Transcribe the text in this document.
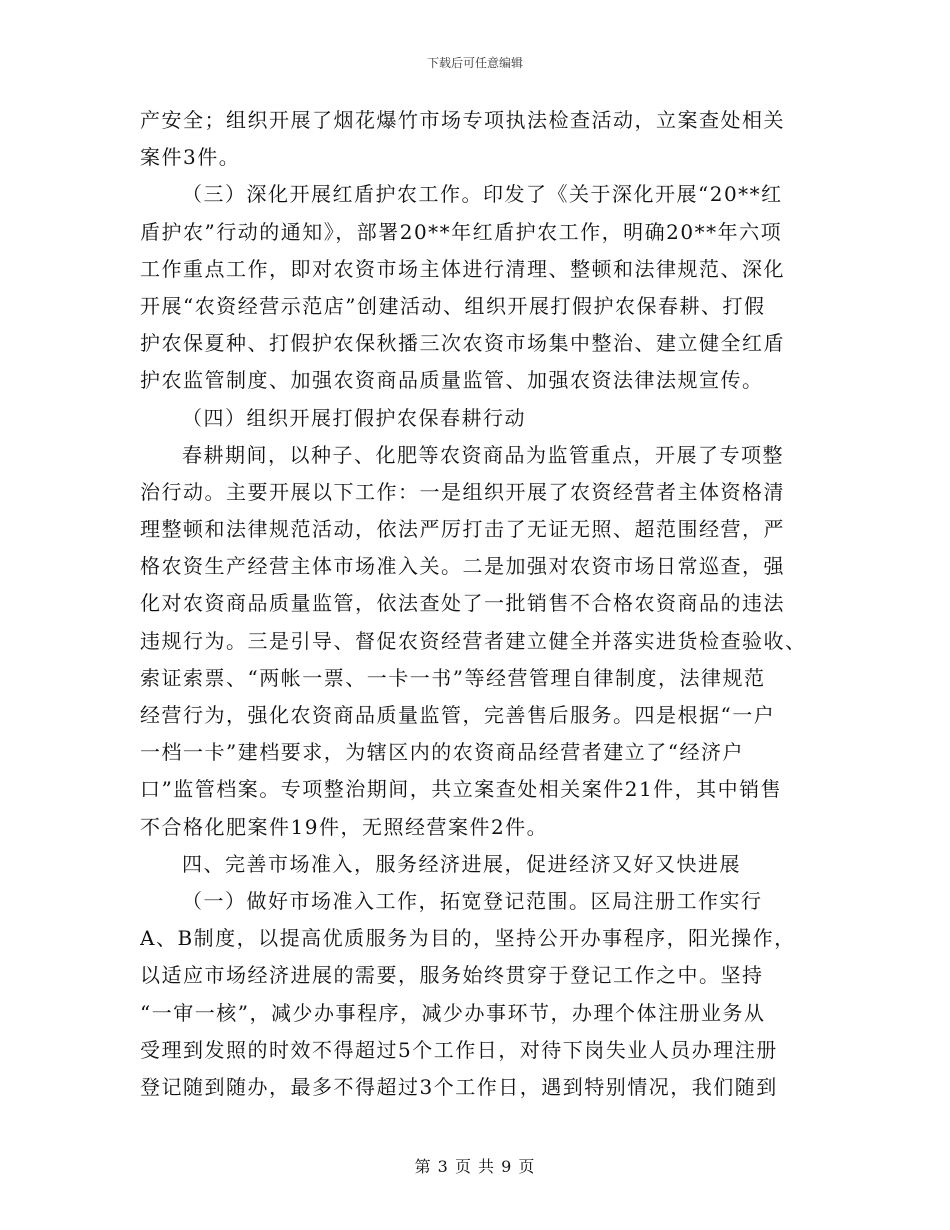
下载后可任意编辑
产安全；组织开展了烟花爆竹市场专项执法检查活动，立案查处相关
案件3件。
（三）深化开展红盾护农工作。印发了《关于深化开展“20**红
盾护农”行动的通知》，部署20**年红盾护农工作，明确20**年六项
工作重点工作，即对农资市场主体进行清理、整顿和法律规范、深化
开展“农资经营示范店”创建活动、组织开展打假护农保春耕、打假
护农保夏种、打假护农保秋播三次农资市场集中整治、建立健全红盾
护农监管制度、加强农资商品质量监管、加强农资法律法规宣传。
（四）组织开展打假护农保春耕行动
春耕期间，以种子、化肥等农资商品为监管重点，开展了专项整
治行动。主要开展以下工作：一是组织开展了农资经营者主体资格清
理整顿和法律规范活动，依法严厉打击了无证无照、超范围经营，严
格农资生产经营主体市场准入关。二是加强对农资市场日常巡查，强
化对农资商品质量监管，依法查处了一批销售不合格农资商品的违法
违规行为。三是引导、督促农资经营者建立健全并落实进货检查验收、
索证索票、“两帐一票、一卡一书”等经营管理自律制度，法律规范
经营行为，强化农资商品质量监管，完善售后服务。四是根据“一户
一档一卡”建档要求，为辖区内的农资商品经营者建立了“经济户
口”监管档案。专项整治期间，共立案查处相关案件21件，其中销售
不合格化肥案件19件，无照经营案件2件。
四、完善市场准入，服务经济进展，促进经济又好又快进展
（一）做好市场准入工作，拓宽登记范围。区局注册工作实行
A、B制度，以提高优质服务为目的，坚持公开办事程序，阳光操作，
以适应市场经济进展的需要，服务始终贯穿于登记工作之中。坚持
“一审一核”，减少办事程序，减少办事环节，办理个体注册业务从
受理到发照的时效不得超过5个工作日，对待下岗失业人员办理注册
登记随到随办，最多不得超过3个工作日，遇到特别情况，我们随到
第 3 页 共 9 页
